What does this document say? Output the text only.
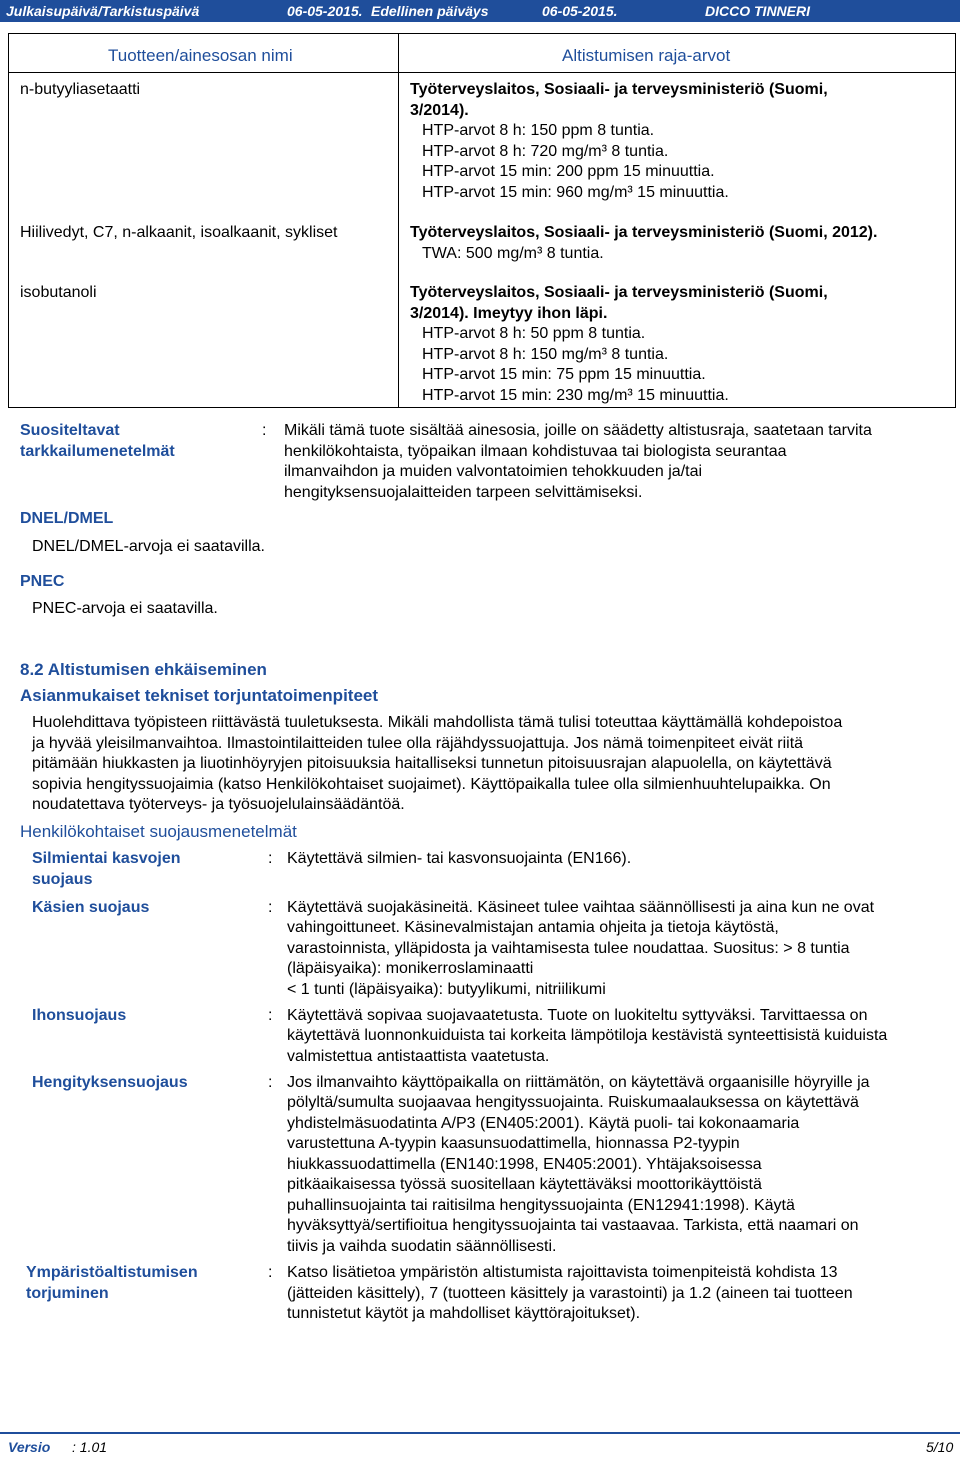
Julkaisupäivä/Tarkistuspäivä	06-05-2015. Edellinen päiväys	06-05-2015.	DICCO TINNERI
Tuotteen/ainesosan nimi	Altistumisen raja-arvot
n-butyyliasetaatti	Työterveyslaitos, Sosiaali- ja terveysministeriö (Suomi,
3/2014).
HTP-arvot 8 h: 150 ppm 8 tuntia.
HTP-arvot 8 h: 720 mg/m³ 8 tuntia.
HTP-arvot 15 min: 200 ppm 15 minuuttia.
HTP-arvot 15 min: 960 mg/m³ 15 minuuttia.
Hiilivedyt, C7, n-alkaanit, isoalkaanit, sykliset	Työterveyslaitos, Sosiaali- ja terveysministeriö (Suomi, 2012).
TWA: 500 mg/m³ 8 tuntia.
isobutanoli	Työterveyslaitos, Sosiaali- ja terveysministeriö (Suomi,
3/2014). Imeytyy ihon läpi.
HTP-arvot 8 h: 50 ppm 8 tuntia.
HTP-arvot 8 h: 150 mg/m³ 8 tuntia.
HTP-arvot 15 min: 75 ppm 15 minuuttia.
HTP-arvot 15 min: 230 mg/m³ 15 minuuttia.
Suositeltavat
tarkkailumenetelmät
: Mikäli tämä tuote sisältää ainesosia, joille on säädetty altistusraja, saatetaan tarvita
henkilökohtaista, työpaikan ilmaan kohdistuvaa tai biologista seurantaa
ilmanvaihdon ja muiden valvontatoimien tehokkuuden ja/tai
hengityksensuojalaitteiden tarpeen selvittämiseksi.
DNEL/DMEL
DNEL/DMEL-arvoja ei saatavilla.
PNEC
PNEC-arvoja ei saatavilla.
8.2 Altistumisen ehkäiseminen
Asianmukaiset tekniset torjuntatoimenpiteet
Huolehdittava työpisteen riittävästä tuuletuksesta. Mikäli mahdollista tämä tulisi toteuttaa käyttämällä kohdepoistoa
ja hyvää yleisilmanvaihtoa. Ilmastointilaitteiden tulee olla räjähdyssuojattuja. Jos nämä toimenpiteet eivät riitä
pitämään hiukkasten ja liuotinhöyryjen pitoisuuksia haitalliseksi tunnetun pitoisuusrajan alapuolella, on käytettävä
sopivia hengityssuojaimia (katso Henkilökohtaiset suojaimet). Käyttöpaikalla tulee olla silmienhuuhtelupaikka. On
noudatettava työterveys- ja työsuojelulainsäädäntöä.
Henkilökohtaiset suojausmenetelmät
Silmientai kasvojen
suojaus
: Käytettävä silmien- tai kasvonsuojainta (EN166).
Käsien suojaus	: Käytettävä suojakäsineitä. Käsineet tulee vaihtaa säännöllisesti ja aina kun ne ovat
vahingoittuneet. Käsinevalmistajan antamia ohjeita ja tietoja käytöstä,
varastoinnista, ylläpidosta ja vaihtamisesta tulee noudattaa. Suositus: > 8 tuntia
(läpäisyaika): monikerroslaminaatti
< 1 tunti (läpäisyaika): butyylikumi, nitriilikumi
Ihonsuojaus	: Käytettävä sopivaa suojavaatetusta. Tuote on luokiteltu syttyväksi. Tarvittaessa on
käytettävä luonnonkuiduista tai korkeita lämpötiloja kestävistä synteettisistä kuiduista
valmistettua antistaattista vaatetusta.
Hengityksensuojaus	: Jos ilmanvaihto käyttöpaikalla on riittämätön, on käytettävä orgaanisille höyryille ja
pölyltä/sumulta suojaavaa hengityssuojainta. Ruiskumaalauksessa on käytettävä
yhdistelmäsuodatinta A/P3 (EN405:2001). Käytä puoli- tai kokonaamaria
varustettuna A-tyypin kaasunsuodattimella, hionnassa P2-tyypin
hiukkassuodattimella (EN140:1998, EN405:2001). Yhtäjaksoisessa
pitkäaikaisessa työssä suositellaan käytettäväksi moottorikäyttöistä
puhallinsuojainta tai raitisilma hengityssuojainta (EN12941:1998). Käytä
hyväksyttyä/sertifioitua hengityssuojainta tai vastaavaa. Tarkista, että naamari on
tiivis ja vaihda suodatin säännöllisesti.
Ympäristöaltistumisen
torjuminen
: Katso lisätietoa ympäristön altistumista rajoittavista toimenpiteistä kohdista 13
(jätteiden käsittely), 7 (tuotteen käsittely ja varastointi) ja 1.2 (aineen tai tuotteen
tunnistetut käytöt ja mahdolliset käyttörajoitukset).
Versio : 1.01	5/10
